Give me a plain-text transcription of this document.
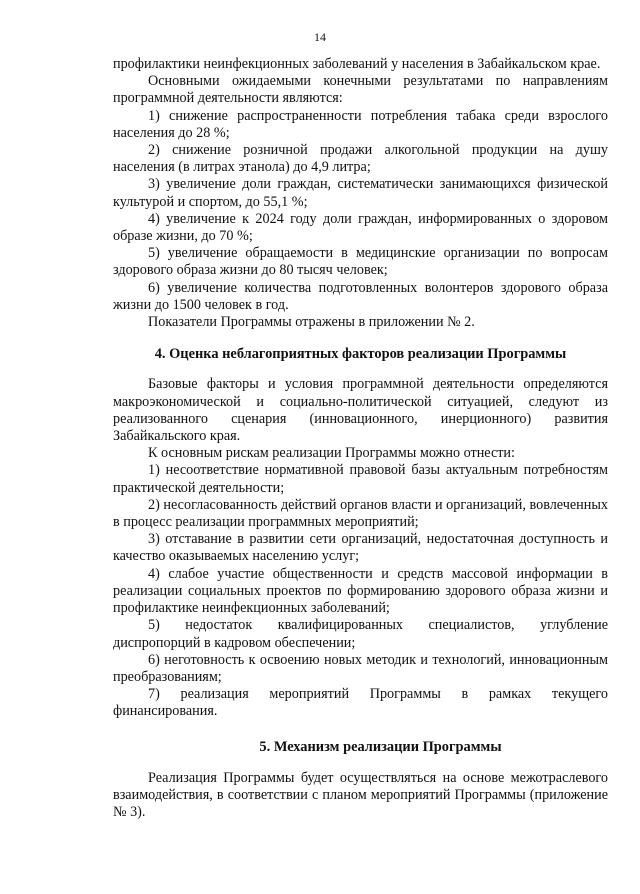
14

профилактики неинфекционных заболеваний у населения в Забайкальском крае.

Основными ожидаемыми конечными результатами по направлениям программной деятельности являются:

1) снижение распространенности потребления табака среди взрослого населения до 28 %;

2) снижение розничной продажи алкогольной продукции на душу населения (в литрах этанола) до 4,9 литра;

3) увеличение доли граждан, систематически занимающихся физической культурой и спортом, до 55,1 %;

4) увеличение к 2024 году доли граждан, информированных о здоровом образе жизни, до 70 %;

5) увеличение обращаемости в медицинские организации по вопросам здорового образа жизни до 80 тысяч человек;

6) увеличение количества подготовленных волонтеров здорового образа жизни до 1500 человек в год.

Показатели Программы отражены в приложении № 2.

4. Оценка неблагоприятных факторов реализации Программы

Базовые факторы и условия программной деятельности определяются макроэкономической и социально-политической ситуацией, следуют из реализованного сценария (инновационного, инерционного) развития Забайкальского края.

К основным рискам реализации Программы можно отнести:

1) несоответствие нормативной правовой базы актуальным потребностям практической деятельности;

2) несогласованность действий органов власти и организаций, вовлеченных в процесс реализации программных мероприятий;

3) отставание в развитии сети организаций, недостаточная доступность и качество оказываемых населению услуг;

4) слабое участие общественности и средств массовой информации в реализации социальных проектов по формированию здорового образа жизни и профилактике неинфекционных заболеваний;

5) недостаток квалифицированных специалистов, углубление диспропорций в кадровом обеспечении;

6) неготовность к освоению новых методик и технологий, инновационным преобразованиям;

7) реализация мероприятий Программы в рамках текущего финансирования.

5. Механизм реализации Программы

Реализация Программы будет осуществляться на основе межотраслевого взаимодействия, в соответствии с планом мероприятий Программы (приложение № 3).
